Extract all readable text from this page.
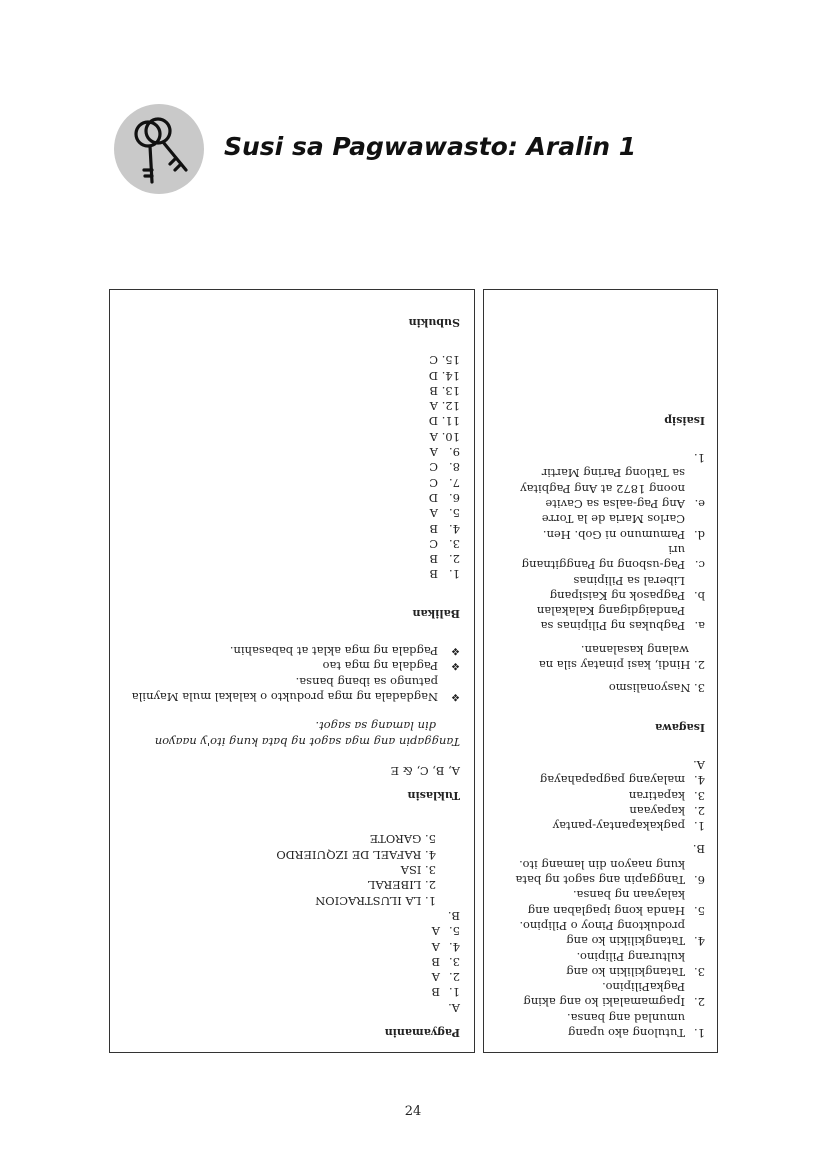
Susi sa Pagwawasto: Aralin 1
Pagyamanin
A.
1.
B
2.
A
3.
B
4.
A
5.
A
B.
1. LA ILUSTRACION
2. LIBERAL
3. ISA
4. RAFAEL DE IZQUIERDO
5. GAROTE
Tuklasin
A, B, C, & E
Tanggapin ang mga sagot ng bata kung ito'y naayon
din lamang sa sagot.
❖
Nagdadala ng mga produkto o kalakal mula Maynila
patungo sa ibang bansa.
❖
Pagdala ng mga tao
❖
Pagdala ng mga aklat at babasahin.
Balikan
1.
B
2.
B
3.
C
4.
B
5.
A
6.
D
7.
C
8.
C
9.
A
10.
A
11.
D
12.
A
13.
B
14.
D
15.
C
Subukin
1.
Tutulong ako upang
umunlad ang bansa.
2.
Ipagmamalaki ko ang aking
PagkaPilipino.
3.
Tatangkilikin ko ang
kulturang Pilipino.
4.
Tatangkilikin ko ang
produktong Pinoy o Pilipino.
5.
Handa kong ipaglaban ang
kalayaan ng bansa.
6.
Tanggapin ang sagot ng bata
kung naayon din lamang ito.
B.
1.
pagkakapantay-pantay
2.
kapayaan
3.
kapatiran
4.
malayang pagpapahayag
A.
Isagawa
3. Nasyonalismo
2. Hindi, kasi pinatay sila na
walang kasalanan.
a.
Pagbukas ng Pilipinas sa
Pandaigdigang Kalakalan
b.
Pagpasok ng Kaisipang
Liberal sa Pilipinas
c.
Pag-usbong ng Panggitnang
uri
d.
Pamumuno ni Gob. Hen.
Carlos Maria de la Torre
e.
Ang Pag-aalsa sa Cavite
noong 1872 at Ang Pagbitay
sa Tatlong Paring Martir
1.
Isaisip
24
